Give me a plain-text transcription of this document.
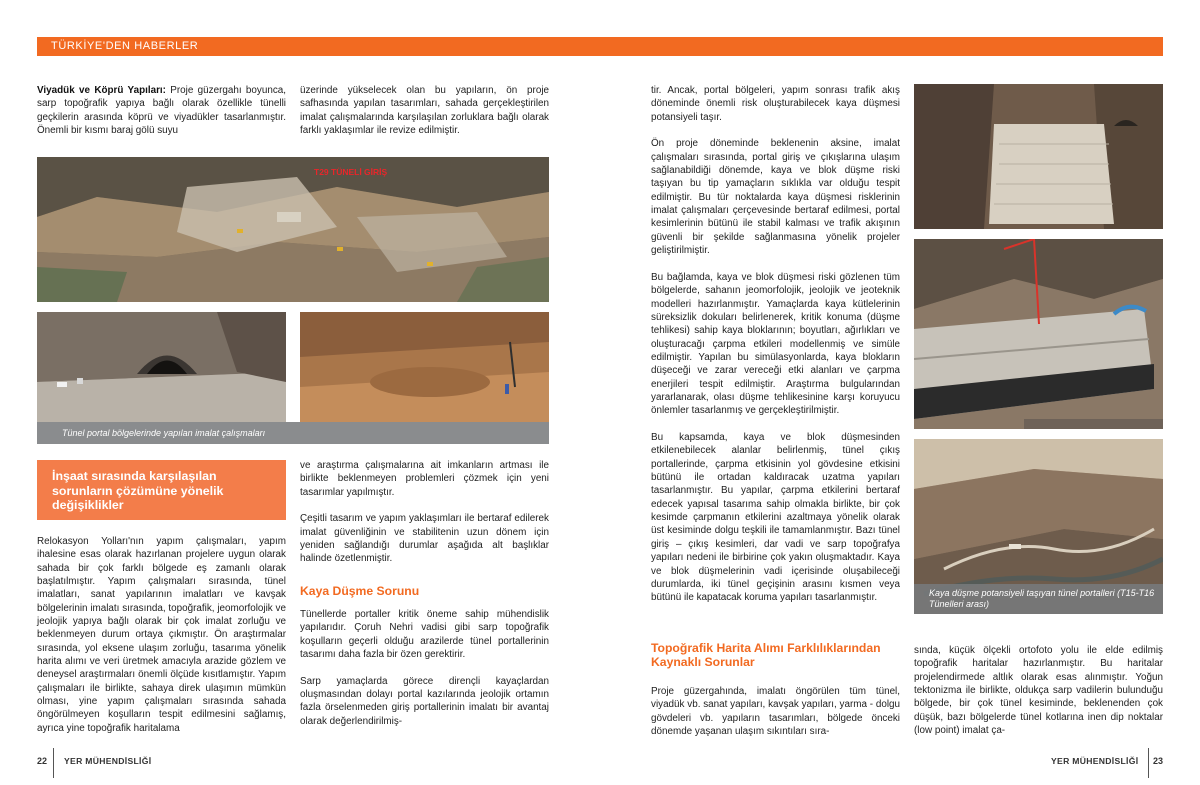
TÜRKİYE'DEN HABERLER

Viyadük ve Köprü Yapıları: Proje güzergahı boyunca, sarp topoğrafik yapıya bağlı olarak özellikle tünelli geçkilerin arasında köprü ve viyadükler tasarlanmıştır. Önemli bir kısmı baraj gölü suyu

üzerinde yükselecek olan bu yapıların, ön proje safhasında yapılan tasarımları, sahada gerçekleştirilen imalat çalışmalarında karşılaşılan zorluklara bağlı olarak farklı yaklaşımlar ile revize edilmiştir.

T29 TÜNELİ GİRİŞ
Tünel portal bölgelerinde yapılan imalat çalışmaları
İnşaat sırasında karşılaşılan sorunların çözümüne yönelik değişiklikler

Relokasyon Yolları'nın yapım çalışmaları, yapım ihalesine esas olarak hazırlanan projelere uygun olarak sahada bir çok farklı bölgede eş zamanlı olarak başlatılmıştır. Yapım çalışmaları sırasında, tünel imalatları, sanat yapılarının imalatları ve kavşak bölgelerinin imalatı sırasında, topoğrafik, jeomorfolojik ve jeolojik yapıya bağlı olarak bir çok imalat zorluğu ve beklenmeyen durum ortaya çıkmıştır. Ön araştırmalar sırasında, yol eksene ulaşım zorluğu, tasarıma yönelik harita alımı ve veri üretmek amacıyla arazide gözlem ve deneysel araştırmaları önemli ölçüde kısıtlamıştır. Yapım çalışmaları ile birlikte, sahaya direk ulaşımın mümkün olması, yine yapım çalışmaları sırasında sahada öngörülmeyen koşulların tespit edilmesini sağlamış, ayrıca yine topoğrafik haritalama

ve araştırma çalışmalarına ait imkanların artması ile birlikte beklenmeyen problemleri çözmek için yeni tasarımlar yapılmıştır.

Çeşitli tasarım ve yapım yaklaşımları ile bertaraf edilerek imalat güvenliğinin ve stabilitenin uzun dönem için yeniden sağlandığı durumlar aşağıda alt başlıklar halinde özetlenmiştir.

Kaya Düşme Sorunu

Tünellerde portaller kritik öneme sahip mühendislik yapılarıdır. Çoruh Nehri vadisi gibi sarp topoğrafik koşulların geçerli olduğu arazilerde tünel portallerinin tasarımı daha fazla bir özen gerektirir.

Sarp yamaçlarda görece dirençli kayaçlardan oluşmasından dolayı portal kazılarında jeolojik ortamın fazla örselenmeden giriş portallerinin imalatı bir avantaj olarak değerlendirilmiş-

22 YER MÜHENDİSLİĞİ

tir. Ancak, portal bölgeleri, yapım sonrası trafik akış döneminde önemli risk oluşturabilecek kaya düşmesi potansiyeli taşır.

Ön proje döneminde beklenenin aksine, imalat çalışmaları sırasında, portal giriş ve çıkışlarına ulaşım sağlanabildiği dönemde, kaya ve blok düşme riski taşıyan bu tip yamaçların sıklıkla var olduğu tespit edilmiştir. Bu tür noktalarda kaya düşmesi risklerinin imalat çalışmaları çerçevesinde bertaraf edilmesi, portal kesimlerinin bütünü ile stabil kalması ve trafik akışının güvenli bir şekilde sağlanmasına yönelik projeler geliştirilmiştir.

Bu bağlamda, kaya ve blok düşmesi riski gözlenen tüm bölgelerde, sahanın jeomorfolojik, jeolojik ve jeoteknik modelleri hazırlanmıştır. Yamaçlarda kaya kütlelerinin süreksizlik dokuları belirlenerek, kritik konuma (düşme tehlikesi) sahip kaya bloklarının; boyutları, ağırlıkları ve oluşturacağı çarpma etkileri modellenmiş ve simüle edilmiştir. Yapılan bu simülasyonlarda, kaya blokların düşeceği ve zarar vereceği etki alanları ve çarpma enerjileri tespit edilmiştir. Araştırma bulgularından yararlanarak, olası düşme tehlikesinine karşı koruyucu önlemler tasarlanmış ve gerçekleştirilmiştir.

Bu kapsamda, kaya ve blok düşmesinden etkilenebilecek alanlar belirlenmiş, tünel çıkış portallerinde, çarpma etkisinin yol gövdesine etkisini bütünü ile ortadan kaldıracak uzatma yapıları tasarlanmıştır. Bu yapılar, çarpma etkilerini bertaraf edecek yapısal tasarıma sahip olmakla birlikte, bir çok kesimde çarpmanın etkilerini azaltmaya yönelik olarak üst kesiminde dolgu teşkili ile tamamlanmıştır. Bazı tünel giriş – çıkış kesimleri, dar vadi ve sarp topoğrafya yapıları nedeni ile birbirine çok yakın oluşmaktadır. Kaya ve blok düşmelerinin vadi içerisinde oluşabileceği durumlarda, iki tünel geçişinin arasını kısmen veya bütünü ile kapatacak koruma yapıları tasarlanmıştır.	Kaya düşme potansiyeli taşıyan tünel portalleri (T15-T16 Tünelleri arası)
Topoğrafik Harita Alımı Farklılıklarından Kaynaklı Sorunlar

Proje güzergahında, imalatı öngörülen tüm tünel, viyadük vb. sanat yapıları, kavşak yapıları, yarma - dolgu gövdeleri vb. yapıların tasarımları, bölgede önceki dönemde yaşanan ulaşım sıkıntıları sıra-

sında, küçük ölçekli ortofoto yolu ile elde edilmiş topoğrafik haritalar hazırlanmıştır. Bu haritalar projelendirmede altlık olarak esas alınmıştır. Yoğun tektonizma ile birlikte, oldukça sarp vadilerin bulunduğu bölgede, bir çok tünel kesiminde, beklenenden çok düşük, bazı bölgelerde tünel kotlarına inen dip noktalar (low point) imalat ça-

YER MÜHENDİSLİĞİ 23
